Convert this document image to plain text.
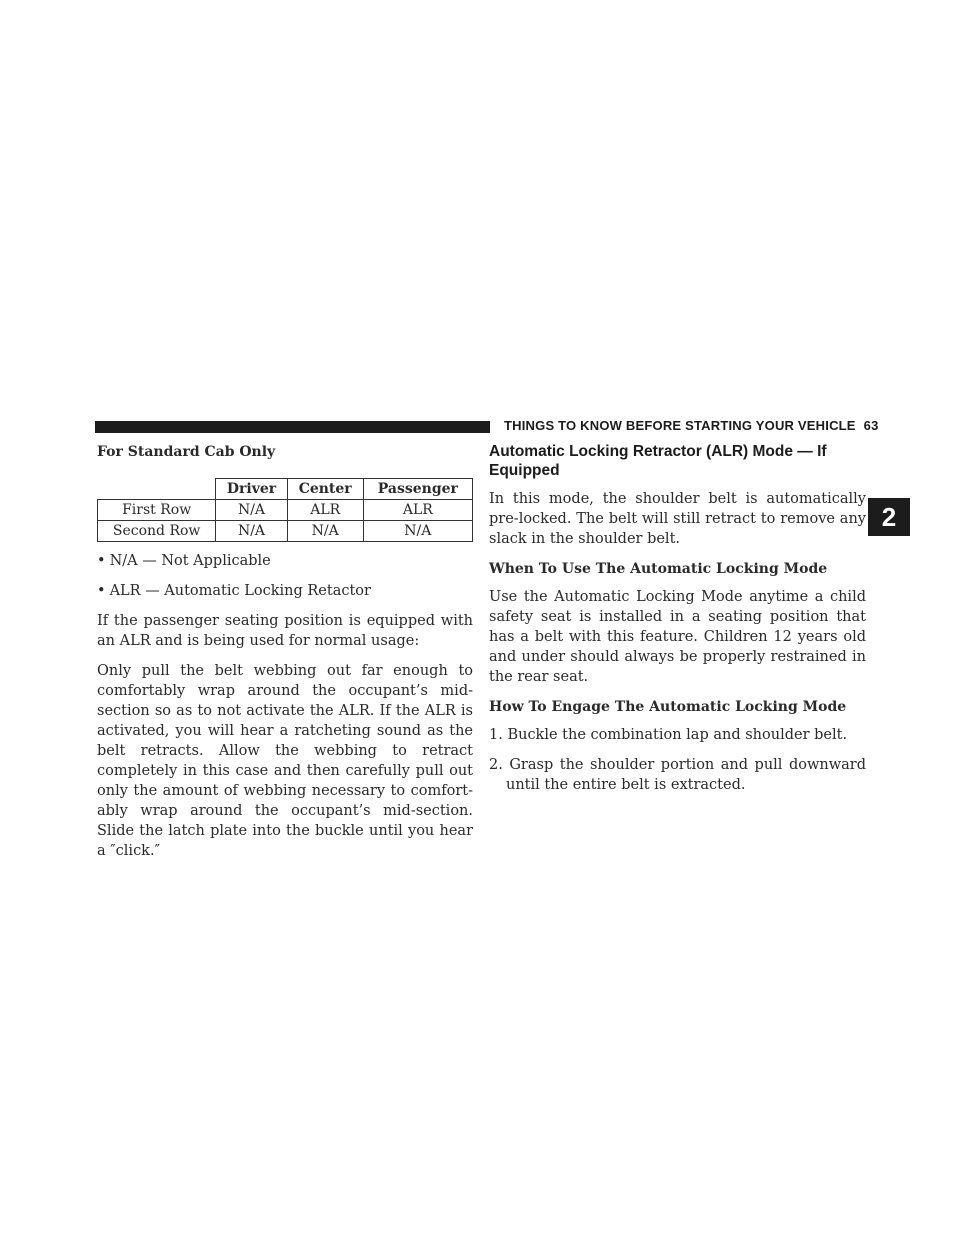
THINGS TO KNOW BEFORE STARTING YOUR VEHICLE 63
2
For Standard Cab Only
	Driver	Center	Passenger
First Row	N/A	ALR	ALR
Second Row	N/A	N/A	N/A

• N/A — Not Applicable

• ALR — Automatic Locking Retactor

If the passenger seating position is equipped with an ALR and is being used for normal usage:

Only pull the belt webbing out far enough to comfortably wrap around the occupant’s mid-section so as to not activate the ALR. If the ALR is activated, you will hear a ratcheting sound as the belt retracts. Allow the webbing to retract completely in this case and then carefully pull out only the amount of webbing necessary to comfort-ably wrap around the occupant’s mid-section. Slide the latch plate into the buckle until you hear a ″click.″

Automatic Locking Retractor (ALR) Mode — If Equipped

In this mode, the shoulder belt is automatically pre-locked. The belt will still retract to remove any slack in the shoulder belt.

When To Use The Automatic Locking Mode

Use the Automatic Locking Mode anytime a child safety seat is installed in a seating position that has a belt with this feature. Children 12 years old and under should always be properly restrained in the rear seat.

How To Engage The Automatic Locking Mode

1. Buckle the combination lap and shoulder belt.

2. Grasp the shoulder portion and pull downward until the entire belt is extracted.
